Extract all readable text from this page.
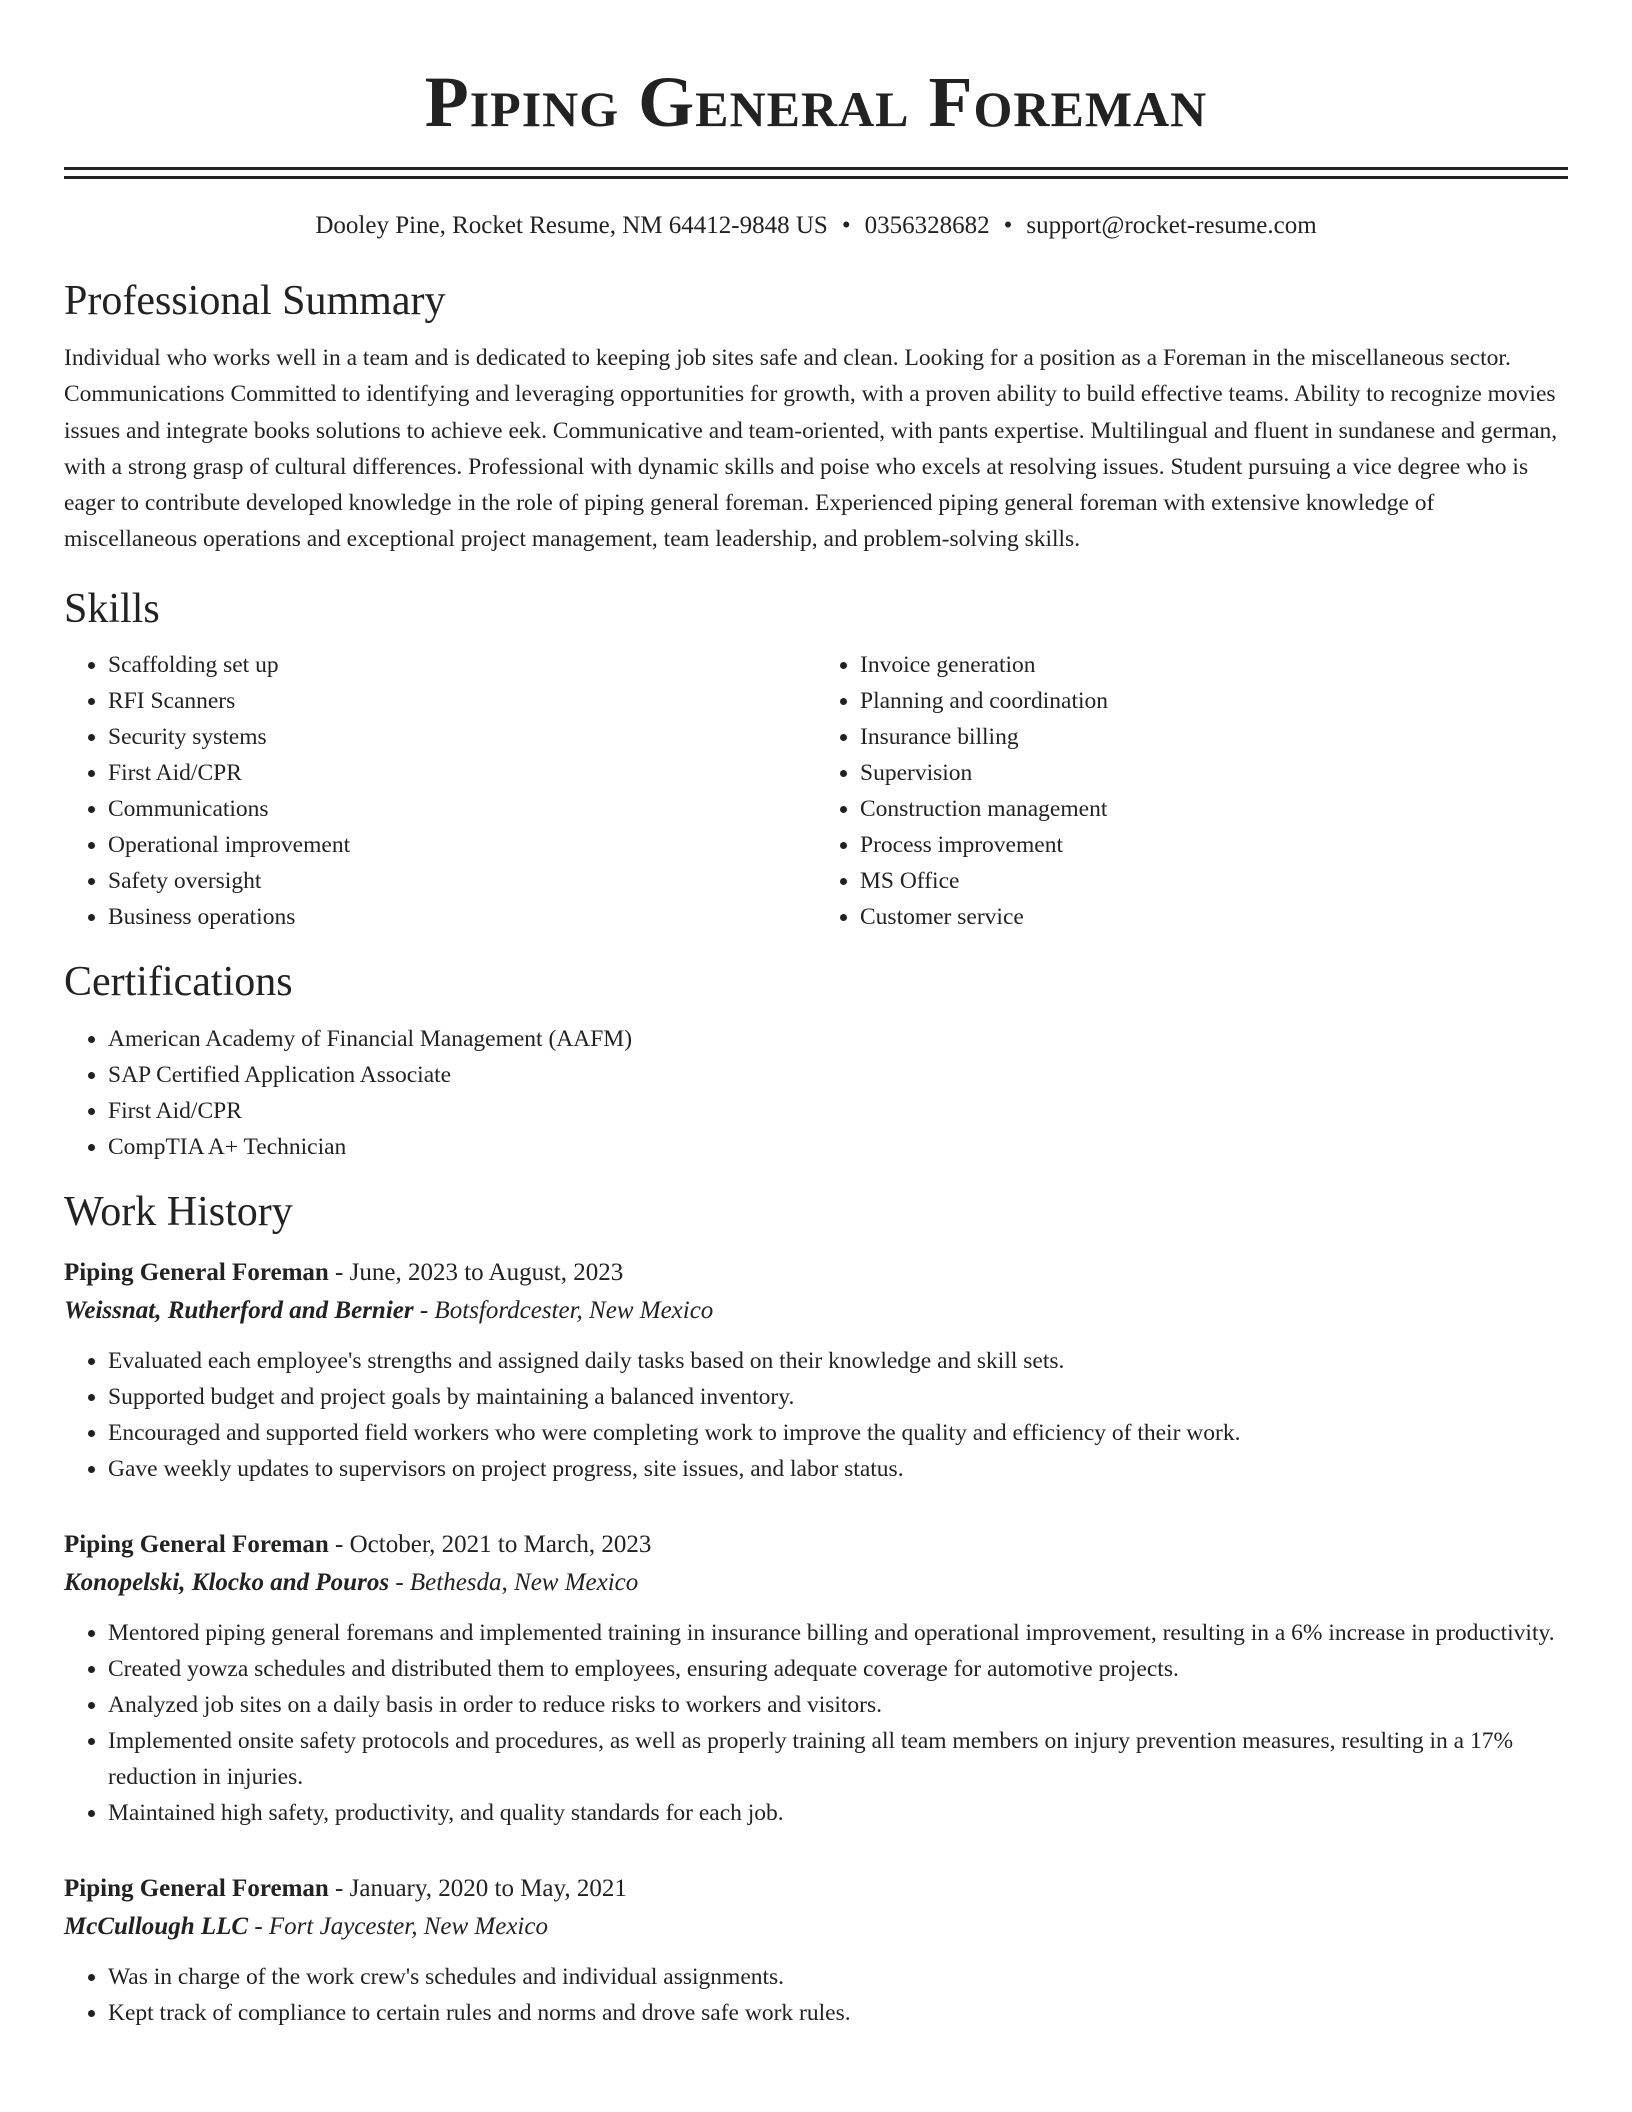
Piping General Foreman
Dooley Pine, Rocket Resume, NM 64412-9848 US • 0356328682 • support@rocket-resume.com
Professional Summary

Individual who works well in a team and is dedicated to keeping job sites safe and clean. Looking for a position as a Foreman in the miscellaneous sector. Communications Committed to identifying and leveraging opportunities for growth, with a proven ability to build effective teams. Ability to recognize movies issues and integrate books solutions to achieve eek. Communicative and team-oriented, with pants expertise. Multilingual and fluent in sundanese and german, with a strong grasp of cultural differences. Professional with dynamic skills and poise who excels at resolving issues. Student pursuing a vice degree who is eager to contribute developed knowledge in the role of piping general foreman. Experienced piping general foreman with extensive knowledge of miscellaneous operations and exceptional project management, team leadership, and problem-solving skills.

Skills
• Scaffolding set up
• RFI Scanners
• Security systems
• First Aid/CPR
• Communications
• Operational improvement
• Safety oversight
• Business operations
• Invoice generation
• Planning and coordination
• Insurance billing
• Supervision
• Construction management
• Process improvement
• MS Office
• Customer service
Certifications
• American Academy of Financial Management (AAFM)
• SAP Certified Application Associate
• First Aid/CPR
• CompTIA A+ Technician
Work History
Piping General Foreman - June, 2023 to August, 2023
Weissnat, Rutherford and Bernier - Botsfordcester, New Mexico
• Evaluated each employee's strengths and assigned daily tasks based on their knowledge and skill sets.
• Supported budget and project goals by maintaining a balanced inventory.
• Encouraged and supported field workers who were completing work to improve the quality and efficiency of their work.
• Gave weekly updates to supervisors on project progress, site issues, and labor status.
Piping General Foreman - October, 2021 to March, 2023
Konopelski, Klocko and Pouros - Bethesda, New Mexico
• Mentored piping general foremans and implemented training in insurance billing and operational improvement, resulting in a 6% increase in productivity.
• Created yowza schedules and distributed them to employees, ensuring adequate coverage for automotive projects.
• Analyzed job sites on a daily basis in order to reduce risks to workers and visitors.
• Implemented onsite safety protocols and procedures, as well as properly training all team members on injury prevention measures, resulting in a 17% reduction in injuries.
• Maintained high safety, productivity, and quality standards for each job.
Piping General Foreman - January, 2020 to May, 2021
McCullough LLC - Fort Jaycester, New Mexico
• Was in charge of the work crew's schedules and individual assignments.
• Kept track of compliance to certain rules and norms and drove safe work rules.
